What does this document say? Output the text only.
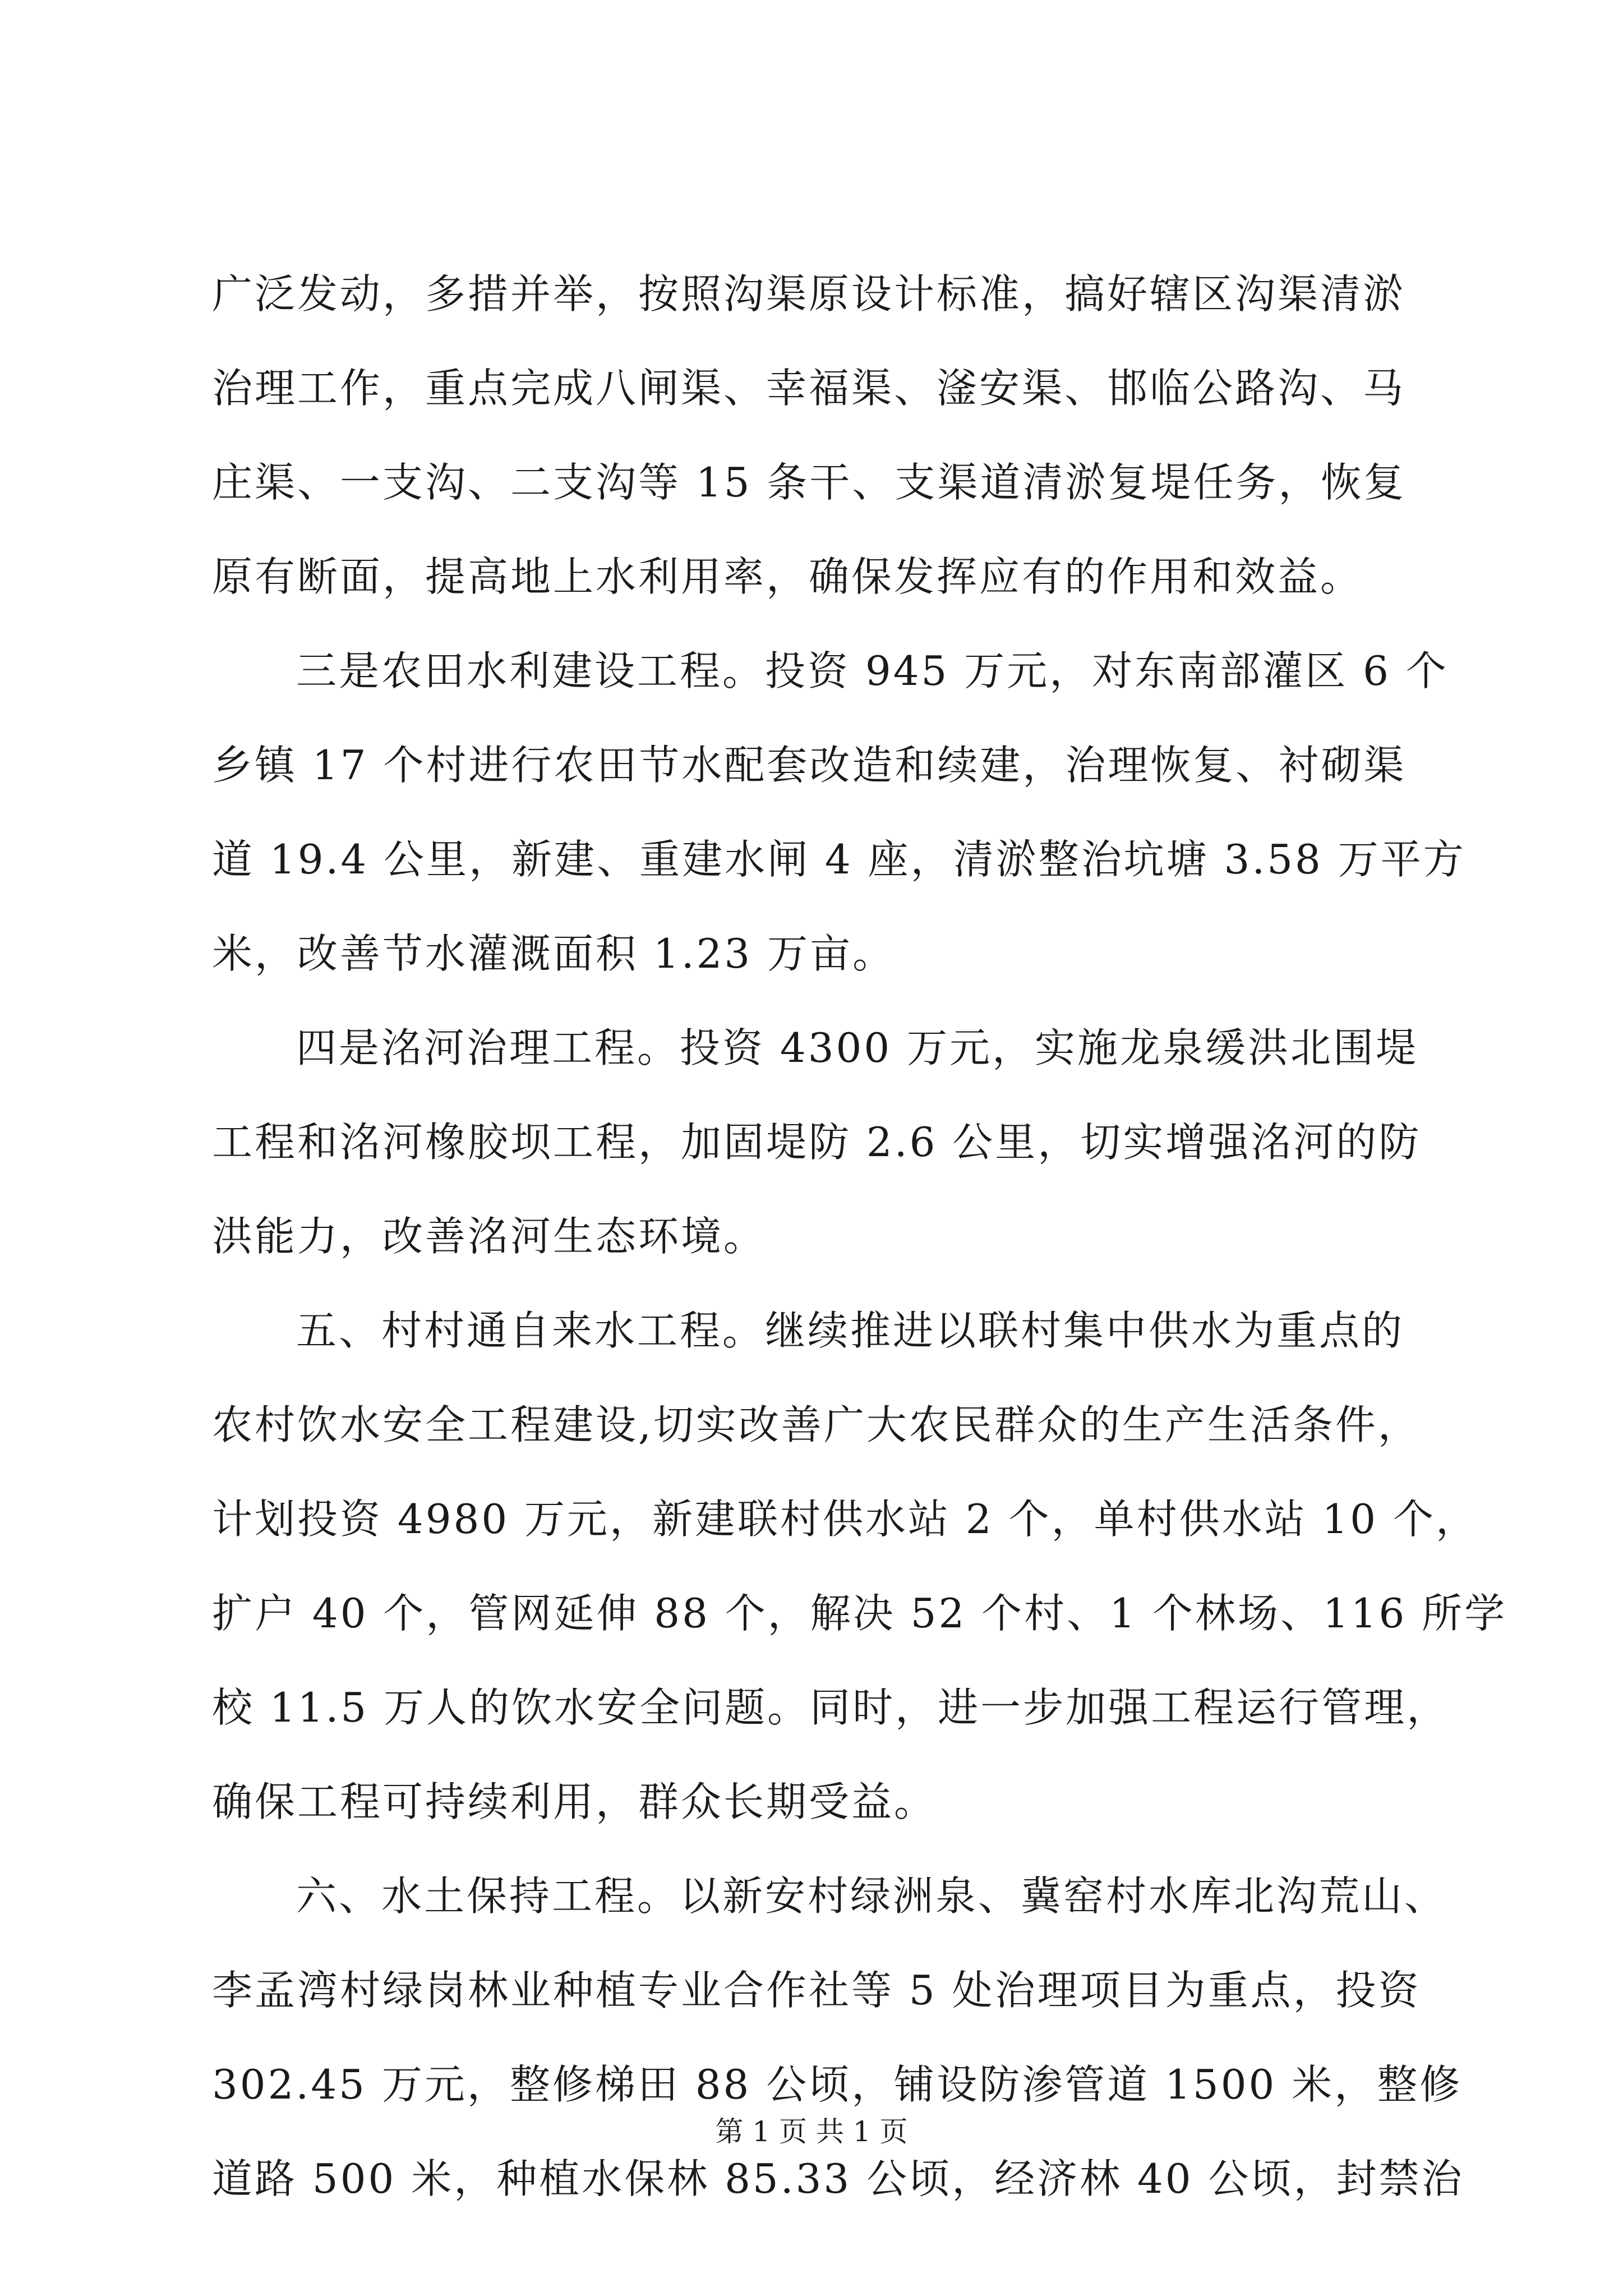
广泛发动，多措并举，按照沟渠原设计标准，搞好辖区沟渠清淤
治理工作，重点完成八闸渠、幸福渠、滏安渠、邯临公路沟、马
庄渠、一支沟、二支沟等 15 条干、支渠道清淤复堤任务，恢复
原有断面，提高地上水利用率，确保发挥应有的作用和效益。
三是农田水利建设工程。投资 945 万元，对东南部灌区 6 个
乡镇 17 个村进行农田节水配套改造和续建，治理恢复、衬砌渠
道 19.4 公里，新建、重建水闸 4 座，清淤整治坑塘 3.58 万平方
米，改善节水灌溉面积 1.23 万亩。
四是洺河治理工程。投资 4300 万元，实施龙泉缓洪北围堤
工程和洺河橡胶坝工程，加固堤防 2.6 公里，切实增强洺河的防
洪能力，改善洺河生态环境。
五、村村通自来水工程。继续推进以联村集中供水为重点的
农村饮水安全工程建设,切实改善广大农民群众的生产生活条件，
计划投资 4980 万元，新建联村供水站 2 个，单村供水站 10 个，
扩户 40 个，管网延伸 88 个，解决 52 个村、1 个林场、116 所学
校 11.5 万人的饮水安全问题。同时，进一步加强工程运行管理，
确保工程可持续利用，群众长期受益。
六、水土保持工程。以新安村绿洲泉、冀窑村水库北沟荒山、
李孟湾村绿岗林业种植专业合作社等 5 处治理项目为重点，投资
302.45 万元，整修梯田 88 公顷，铺设防渗管道 1500 米，整修
道路 500 米，种植水保林 85.33 公顷，经济林 40 公顷，封禁治
第 1 页 共 1 页
